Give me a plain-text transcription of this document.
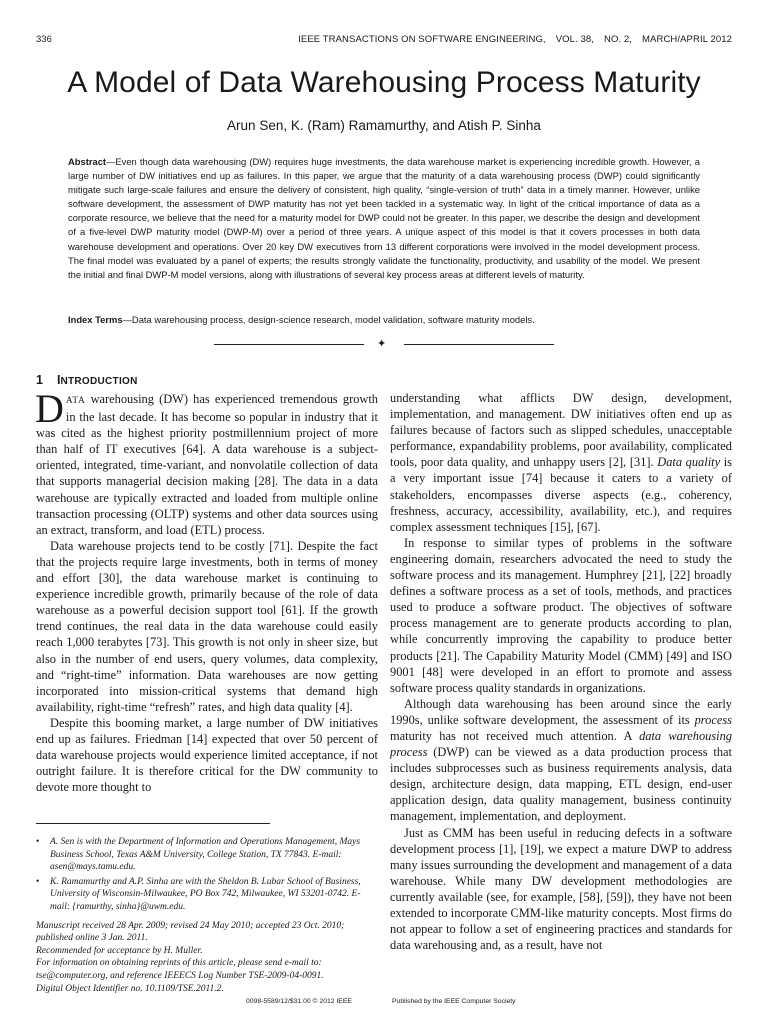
336	IEEE TRANSACTIONS ON SOFTWARE ENGINEERING, VOL. 38, NO. 2, MARCH/APRIL 2012
A Model of Data Warehousing Process Maturity
Arun Sen, K. (Ram) Ramamurthy, and Atish P. Sinha

Abstract—Even though data warehousing (DW) requires huge investments, the data warehouse market is experiencing incredible growth. However, a large number of DW initiatives end up as failures. In this paper, we argue that the maturity of a data warehousing process (DWP) could significantly mitigate such large-scale failures and ensure the delivery of consistent, high quality, “single-version of truth” data in a timely manner. However, unlike software development, the assessment of DWP maturity has not yet been tackled in a systematic way. In light of the critical importance of data as a corporate resource, we believe that the need for a maturity model for DWP could not be greater. In this paper, we describe the design and development of a five-level DWP maturity model (DWP-M) over a period of three years. A unique aspect of this model is that it covers processes in both data warehouse development and operations. Over 20 key DW executives from 13 different corporations were involved in the model development process. The final model was evaluated by a panel of experts; the results strongly validate the functionality, productivity, and usability of the model. We present the initial and final DWP-M model versions, along with illustrations of several key process areas at different levels of maturity.

Index Terms—Data warehousing process, design-science research, model validation, software maturity models.

✦
1 INTRODUCTION

DATA warehousing (DW) has experienced tremendous growth in the last decade. It has become so popular in industry that it was cited as the highest priority postmillennium project of more than half of IT executives [64]. A data warehouse is a subject-oriented, integrated, time-variant, and nonvolatile collection of data that supports managerial decision making [28]. The data in a data warehouse are typically extracted and loaded from multiple online transaction processing (OLTP) systems and other data sources using an extract, transform, and load (ETL) process.

Data warehouse projects tend to be costly [71]. Despite the fact that the projects require large investments, both in terms of money and effort [30], the data warehouse market is continuing to experience incredible growth, primarily because of the role of data warehouse as a powerful decision support tool [61]. If the growth trend continues, the real data in the data warehouse could easily reach 1,000 terabytes [73]. This growth is not only in sheer size, but also in the number of end users, query volumes, data complexity, and “right-time” information. Data warehouses are now getting incorporated into mission-critical systems that demand high availability, right-time “refresh” rates, and high data quality [4].

Despite this booming market, a large number of DW initiatives end up as failures. Friedman [14] expected that over 50 percent of data warehouse projects would experience limited acceptance, if not outright failure. It is therefore critical for the DW community to devote more thought to

understanding what afflicts DW design, development, implementation, and management. DW initiatives often end up as failures because of factors such as slipped schedules, unacceptable performance, expandability problems, poor availability, complicated tools, poor data quality, and unhappy users [2], [31]. Data quality is a very important issue [74] because it caters to a variety of stakeholders, encompasses diverse aspects (e.g., coherency, freshness, accuracy, accessibility, availability, etc.), and requires complex assessment techniques [15], [67].

In response to similar types of problems in the software engineering domain, researchers advocated the need to study the software process and its management. Humphrey [21], [22] broadly defines a software process as a set of tools, methods, and practices used to produce a software product. The objectives of software process management are to generate products according to plan, while concurrently improving the capability to produce better products [21]. The Capability Maturity Model (CMM) [49] and ISO 9001 [48] were developed in an effort to promote and assess software process quality standards in organizations.

Although data warehousing has been around since the early 1990s, unlike software development, the assessment of its process maturity has not received much attention. A data warehousing process (DWP) can be viewed as a data production process that includes subprocesses such as business requirements analysis, data design, architecture design, data mapping, ETL design, end-user application design, data quality management, business continuity management, implementation, and deployment.

Just as CMM has been useful in reducing defects in a software development process [1], [19], we expect a mature DWP to address many issues surrounding the development and management of a data warehouse. While many DW development methodologies are currently available (see, for example, [58], [59]), they have not been extended to incorporate CMM-like maturity concepts. Most firms do not appear to follow a set of engineering practices and standards for data warehousing and, as a result, have not

• A. Sen is with the Department of Information and Operations Management, Mays Business School, Texas A&M University, College Station, TX 77843. E-mail: asen@mays.tamu.edu.
• K. Ramamurthy and A.P. Sinha are with the Sheldon B. Lubar School of Business, University of Wisconsin-Milwaukee, PO Box 742, Milwaukee, WI 53201-0742. E-mail: {ramurthy, sinha}@uwm.edu.
Manuscript received 28 Apr. 2009; revised 24 May 2010; accepted 23 Oct. 2010; published online 3 Jan. 2011.
Recommended for acceptance by H. Muller.
For information on obtaining reprints of this article, please send e-mail to: tse@computer.org, and reference IEEECS Log Number TSE-2009-04-0091.
Digital Object Identifier no. 10.1109/TSE.2011.2.
0098-5589/12/$31.00 © 2012 IEEE	Published by the IEEE Computer Society
